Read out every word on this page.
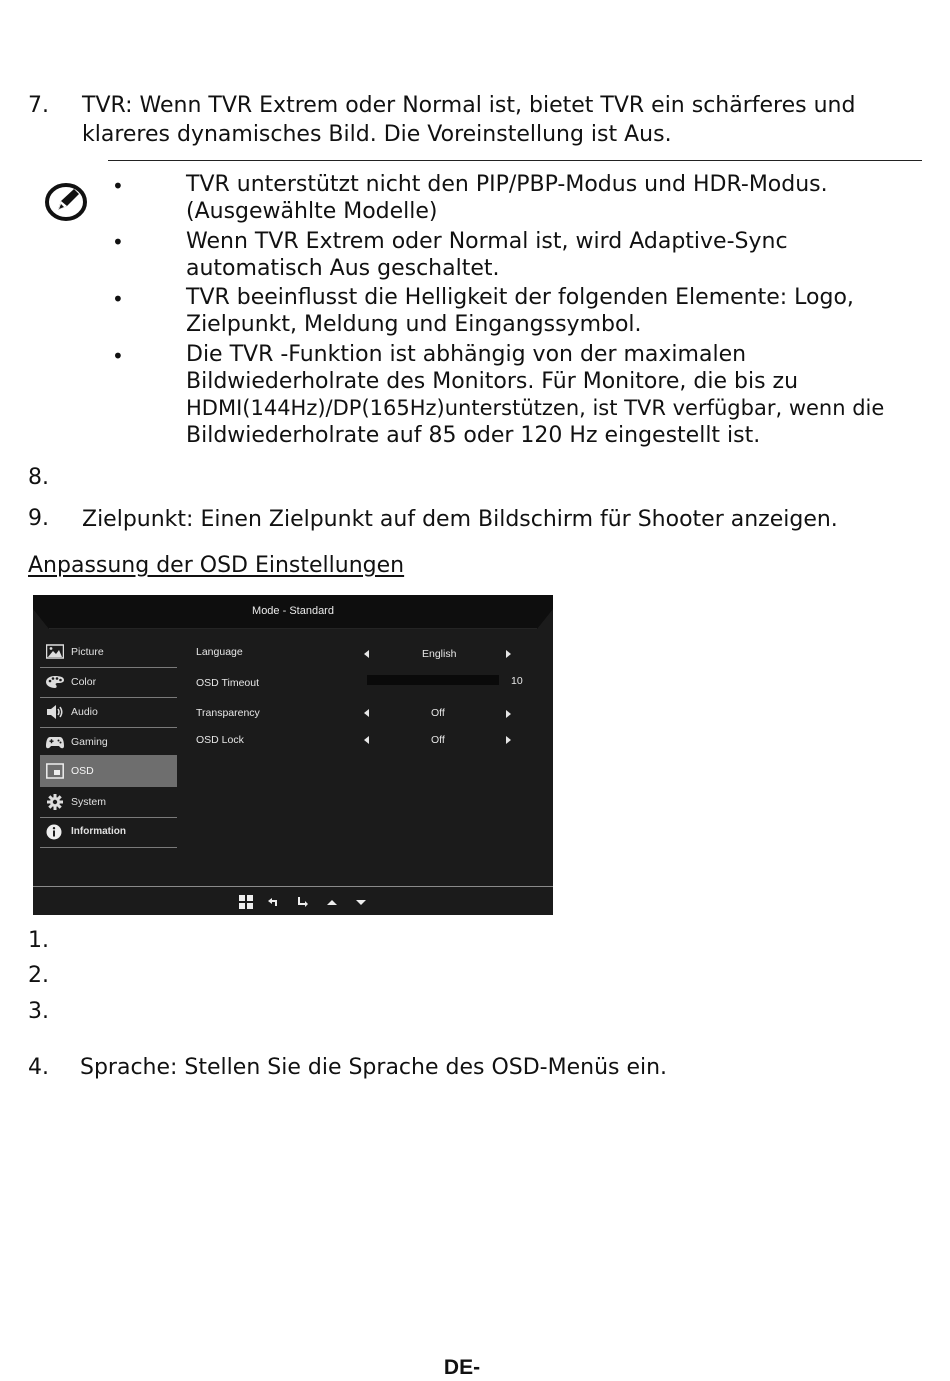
7. TVR: Wenn TVR Extrem oder Normal ist, bietet TVR ein schärferes und
klareres dynamisches Bild. Die Voreinstellung ist Aus.
•	TVR unterstützt nicht den PIP/PBP-Modus und HDR-Modus.
(Ausgewählte Modelle)
•	Wenn TVR Extrem oder Normal ist, wird Adaptive-Sync
automatisch Aus geschaltet.
•	TVR beeinflusst die Helligkeit der folgenden Elemente: Logo,
Zielpunkt, Meldung und Eingangssymbol.
•	Die TVR -Funktion ist abhängig von der maximalen
Bildwiederholrate des Monitors. Für Monitore, die bis zu
HDMI(144Hz)/DP(165Hz)unterstützen, ist TVR verfügbar, wenn die
Bildwiederholrate auf 85 oder 120 Hz eingestellt ist.
8.
9. Zielpunkt: Einen Zielpunkt auf dem Bildschirm für Shooter anzeigen.
Anpassung der OSD Einstellungen
Mode - Standard
Picture
Color
Audio
Gaming
OSD
System
Information
Language	English
OSD Timeout	10
Transparency	Off
OSD Lock	Off
1.
2.
3.
4. Sprache: Stellen Sie die Sprache des OSD-Menüs ein.
DE-
